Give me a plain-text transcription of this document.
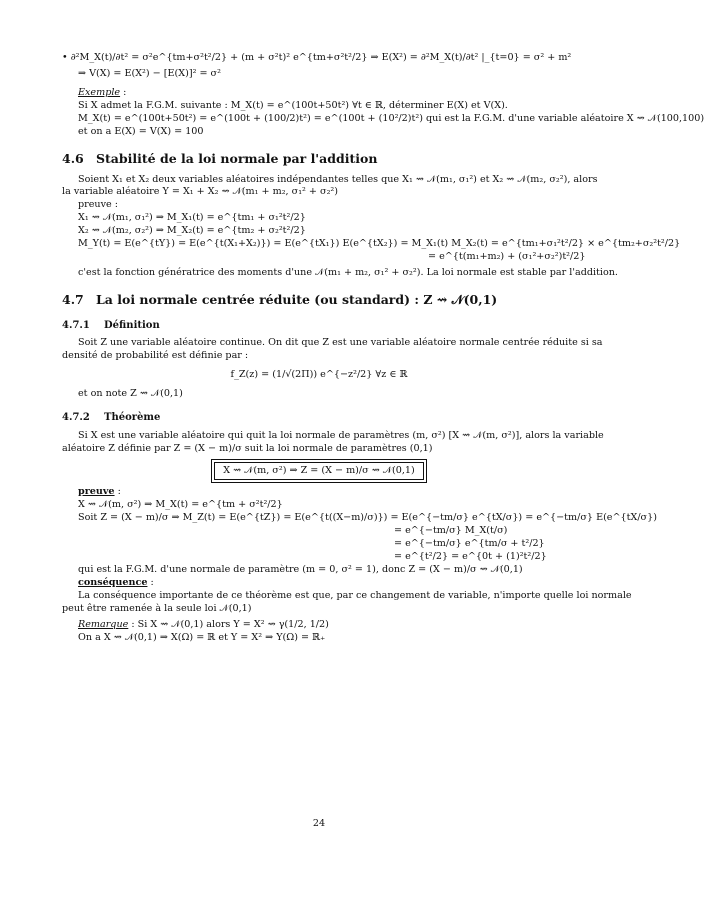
• ∂²M_X(t)/∂t² = σ²e^{tm+σ²t²/2} + (m + σ²t)² e^{tm+σ²t²/2} ⇒ E(X²) = ∂²M_X(t)/∂t² |_{t=0} = σ² + m²
⇒ V(X) = E(X²) − [E(X)]² = σ²
Exemple :
Si X admet la F.G.M. suivante : M_X(t) = e^(100t+50t²) ∀t ∈ ℝ, déterminer E(X) et V(X).
M_X(t) = e^(100t+50t²) = e^(100t + (100/2)t²) = e^(100t + (10²/2)t²) qui est la F.G.M. d'une variable aléatoire X ⇝ 𝒩(100,100)
et on a E(X) = V(X) = 100
4.6 Stabilité de la loi normale par l'addition
Soient X₁ et X₂ deux variables aléatoires indépendantes telles que X₁ ⇝ 𝒩(m₁, σ₁²) et X₂ ⇝ 𝒩(m₂, σ₂²), alors
la variable aléatoire Y = X₁ + X₂ ⇝ 𝒩(m₁ + m₂, σ₁² + σ₂²)
preuve :
X₁ ⇝ 𝒩(m₁, σ₁²) ⇒ M_X₁(t) = e^{tm₁ + σ₁²t²/2}
X₂ ⇝ 𝒩(m₂, σ₂²) ⇒ M_X₂(t) = e^{tm₂ + σ₂²t²/2}
M_Y(t) = E(e^{tY}) = E(e^{t(X₁+X₂)}) = E(e^{tX₁}) E(e^{tX₂}) = M_X₁(t) M_X₂(t) = e^{tm₁+σ₁²t²/2} × e^{tm₂+σ₂²t²/2}
= e^{t(m₁+m₂) + (σ₁²+σ₂²)t²/2}
c'est la fonction génératrice des moments d'une 𝒩(m₁ + m₂, σ₁² + σ₂²). La loi normale est stable par l'addition.
4.7 La loi normale centrée réduite (ou standard) : Z ⇝ 𝒩(0,1)
4.7.1 Définition
Soit Z une variable aléatoire continue. On dit que Z est une variable aléatoire normale centrée réduite si sa
densité de probabilité est définie par :
f_Z(z) = (1/√(2Π)) e^{−z²/2} ∀z ∈ ℝ
et on note Z ⇝ 𝒩(0,1)
4.7.2 Théorème
Si X est une variable aléatoire qui quit la loi normale de paramètres (m, σ²) [X ⇝ 𝒩(m, σ²)], alors la variable
aléatoire Z définie par Z = (X − m)/σ suit la loi normale de paramètres (0,1)
X ⇝ 𝒩(m, σ²) ⇒ Z = (X − m)/σ ⇝ 𝒩(0,1)
preuve :
X ⇝ 𝒩(m, σ²) ⇒ M_X(t) = e^{tm + σ²t²/2}
Soit Z = (X − m)/σ ⇒ M_Z(t) = E(e^{tZ}) = E(e^{t((X−m)/σ)}) = E(e^{−tm/σ} e^{tX/σ}) = e^{−tm/σ} E(e^{tX/σ})
= e^{−tm/σ} M_X(t/σ)
= e^{−tm/σ} e^{tm/σ + t²/2}
= e^{t²/2} = e^{0t + (1)²t²/2}
qui est la F.G.M. d'une normale de paramètre (m = 0, σ² = 1), donc Z = (X − m)/σ ⇝ 𝒩(0,1)
conséquence :
La conséquence importante de ce théorème est que, par ce changement de variable, n'importe quelle loi normale
peut être ramenée à la seule loi 𝒩(0,1)
Remarque : Si X ⇝ 𝒩(0,1) alors Y = X² ⇝ γ(1/2, 1/2)
On a X ⇝ 𝒩(0,1) ⇒ X(Ω) = ℝ et Y = X² ⇒ Y(Ω) = ℝ₊
24
